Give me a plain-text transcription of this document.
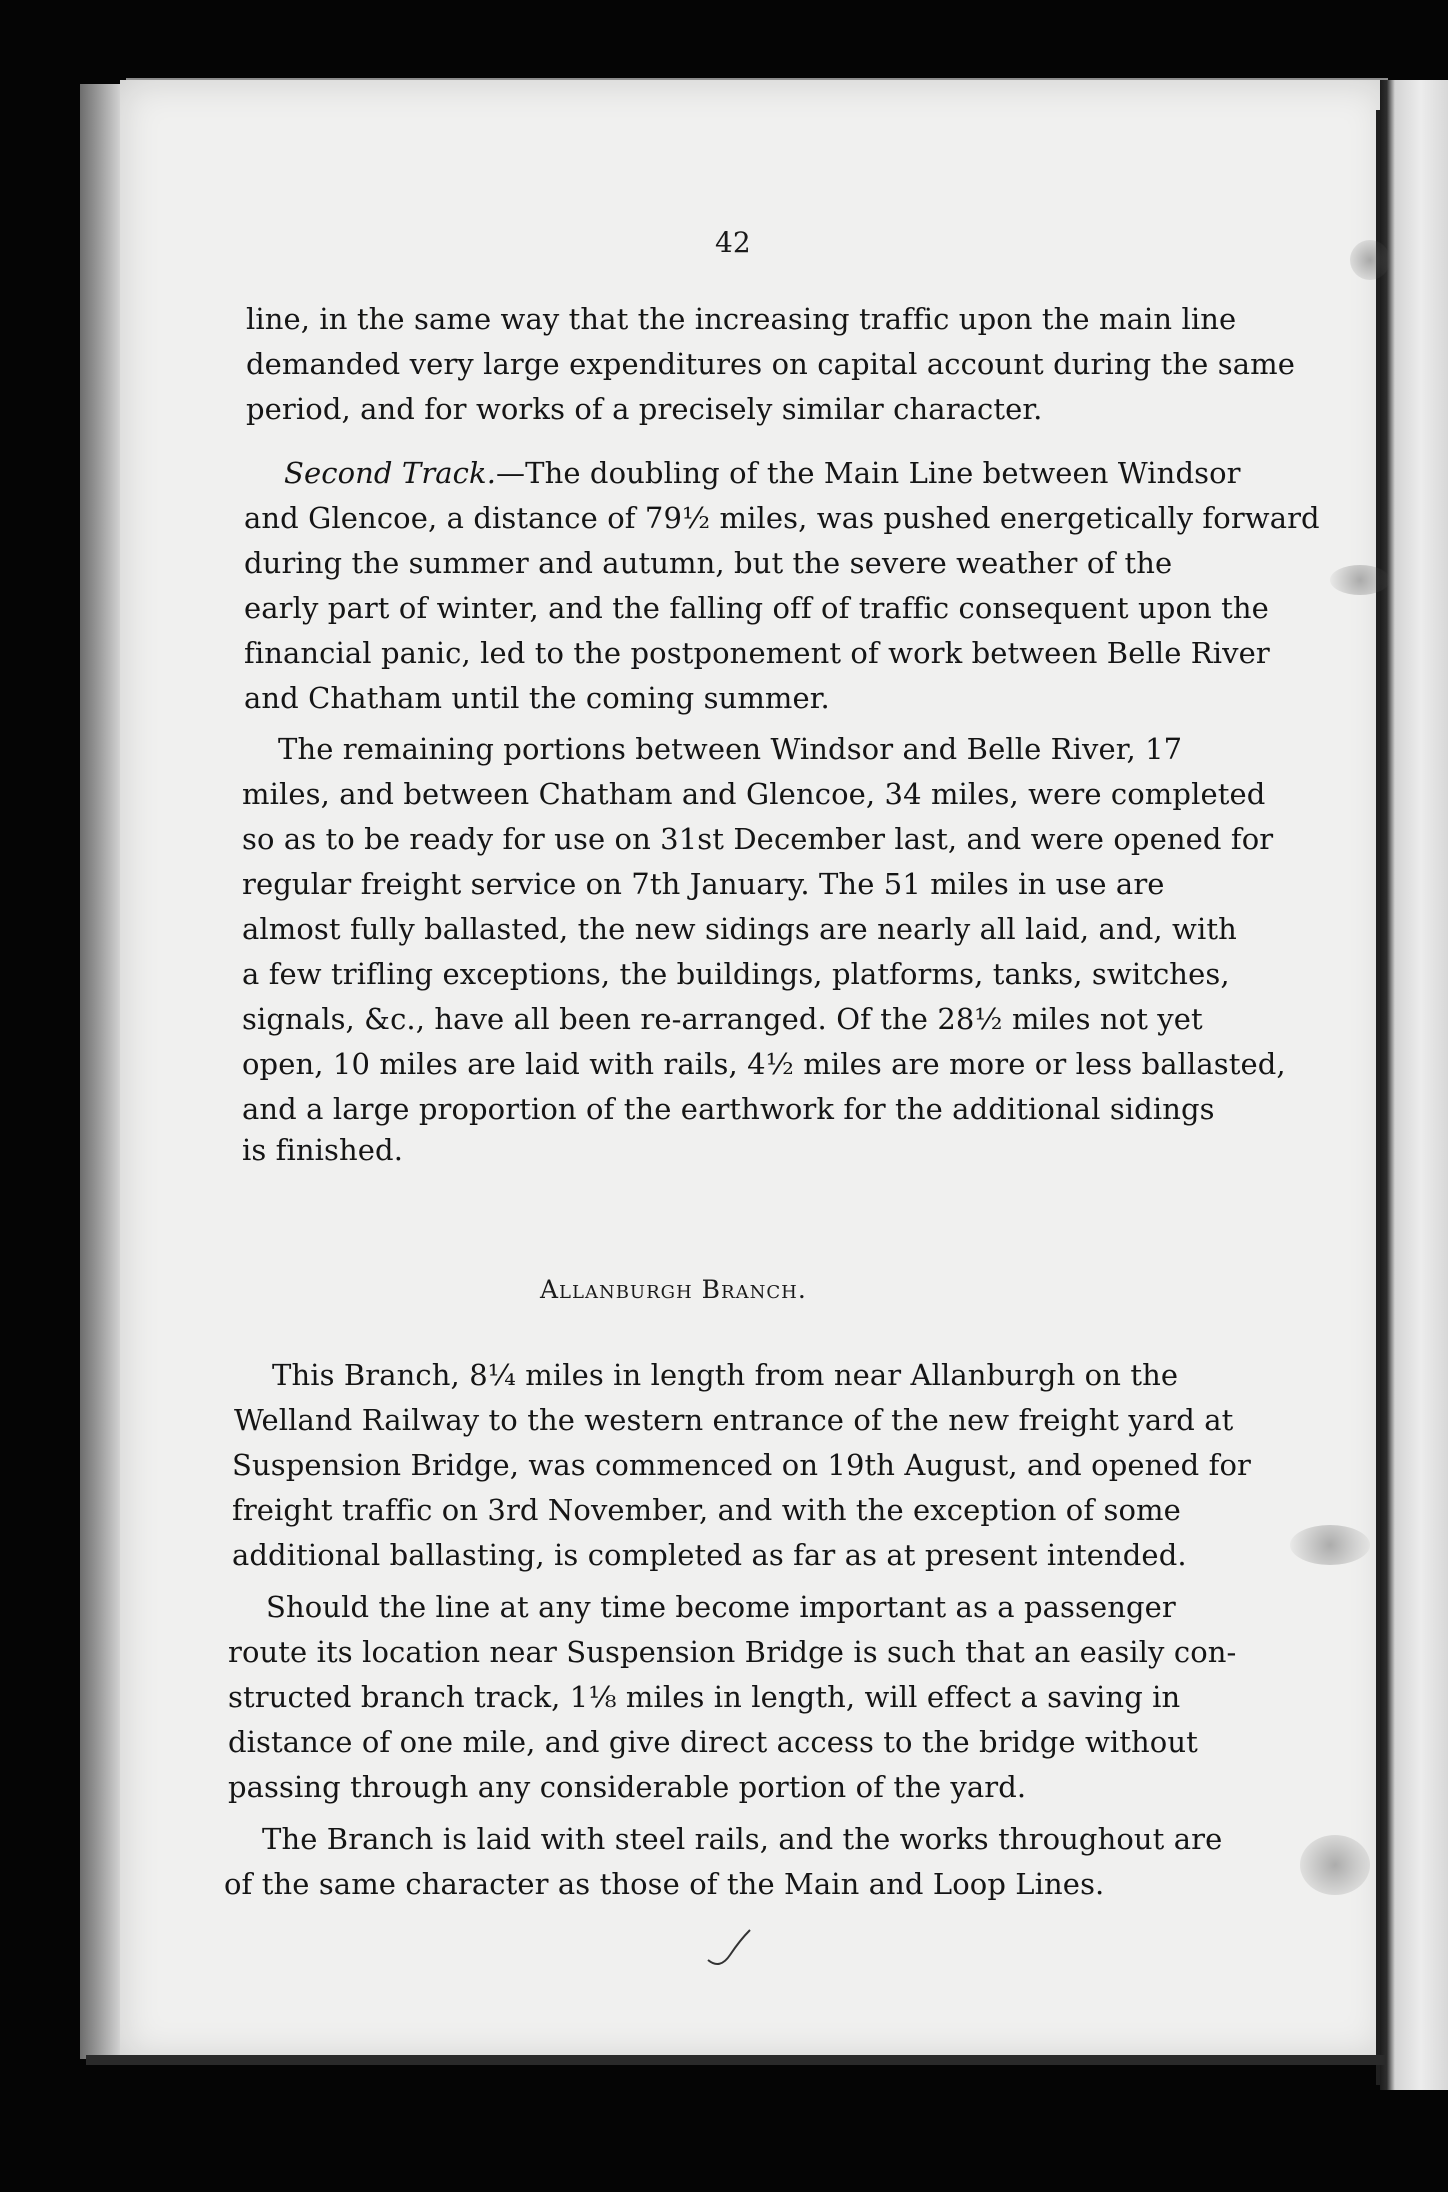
42
line, in the same way that the increasing traffic upon the main line
demanded very large expenditures on capital account during the same
period, and for works of a precisely similar character.
Second Track.—The doubling of the Main Line between Windsor
and Glencoe, a distance of 79½ miles, was pushed energetically forward
during the summer and autumn, but the severe weather of the
early part of winter, and the falling off of traffic consequent upon the
financial panic, led to the postponement of work between Belle River
and Chatham until the coming summer.
The remaining portions between Windsor and Belle River, 17
miles, and between Chatham and Glencoe, 34 miles, were completed
so as to be ready for use on 31st December last, and were opened for
regular freight service on 7th January. The 51 miles in use are
almost fully ballasted, the new sidings are nearly all laid, and, with
a few trifling exceptions, the buildings, platforms, tanks, switches,
signals, &c., have all been re-arranged. Of the 28½ miles not yet
open, 10 miles are laid with rails, 4½ miles are more or less ballasted,
and a large proportion of the earthwork for the additional sidings
is finished.
Allanburgh Branch.
This Branch, 8¼ miles in length from near Allanburgh on the
Welland Railway to the western entrance of the new freight yard at
Suspension Bridge, was commenced on 19th August, and opened for
freight traffic on 3rd November, and with the exception of some
additional ballasting, is completed as far as at present intended.
Should the line at any time become important as a passenger
route its location near Suspension Bridge is such that an easily con-
structed branch track, 1⅛ miles in length, will effect a saving in
distance of one mile, and give direct access to the bridge without
passing through any considerable portion of the yard.
The Branch is laid with steel rails, and the works throughout are
of the same character as those of the Main and Loop Lines.
